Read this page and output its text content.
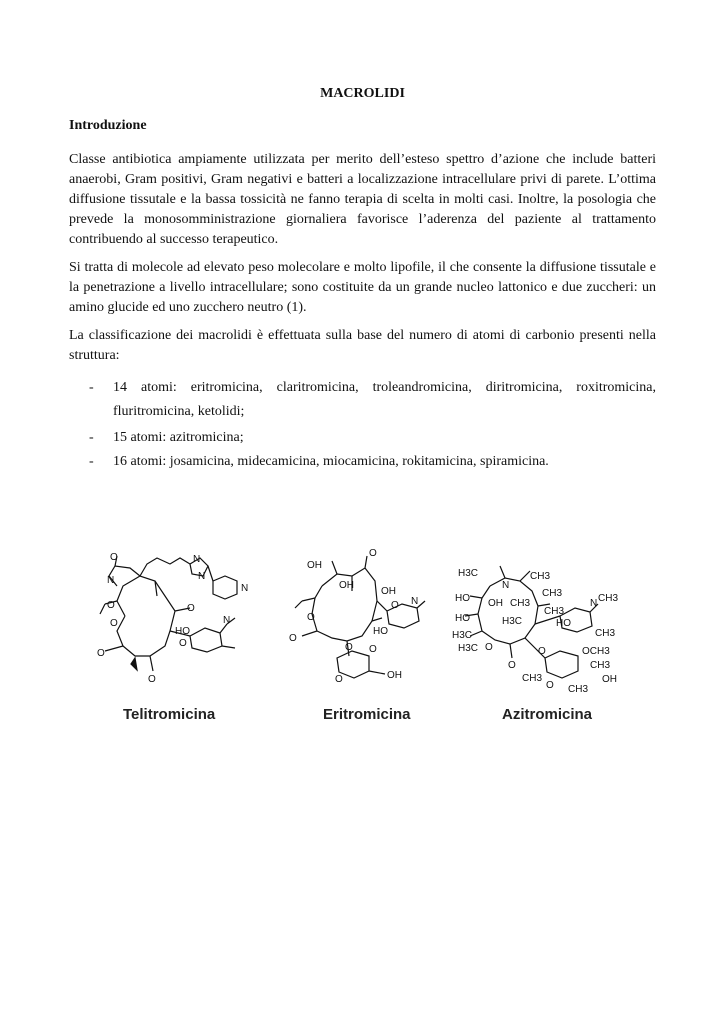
MACROLIDI
Introduzione

Classe antibiotica ampiamente utilizzata per merito dell’esteso spettro d’azione che include batteri anaerobi, Gram positivi, Gram negativi e batteri a localizzazione intracellulare privi di parete. L’ottima diffusione tissutale e la bassa tossicità ne fanno terapia di scelta in molti casi. Inoltre, la posologia che prevede la monosomministrazione giornaliera favorisce l’aderenza del paziente al trattamento contribuendo al successo terapeutico.

Si tratta di molecole ad elevato peso molecolare e molto lipofile, il che consente la diffusione tissutale e la penetrazione a livello intracellulare; sono costituite da un grande nucleo lattonico e due zuccheri: un amino glucide ed uno zucchero neutro (1).

La classificazione dei macrolidi è effettuata sulla base del numero di atomi di carbonio presenti nella struttura:

- 14 atomi: eritromicina, claritromicina, troleandromicina, diritromicina, roxitromicina, fluritromicina, ketolidi;
- 15 atomi: azitromicina;
- 16 atomi: josamicina, midecamicina, miocamicina, rokitamicina, spiramicina.
O
N
N
N
N
O
O
O
O
O
O
HO
N
Telitromicina
OH
O
OH
OH
O
O
O
HO
N
O O
O	OH
Eritromicina
H3C	CH3
N
HO
HO
OH
H3C
CH3
CH3
H3C
H3C
CH3
CH3
HO
N
CH3
O
O
O	OCH3
CH3
OH
CH3
O CH3
Azitromicina
